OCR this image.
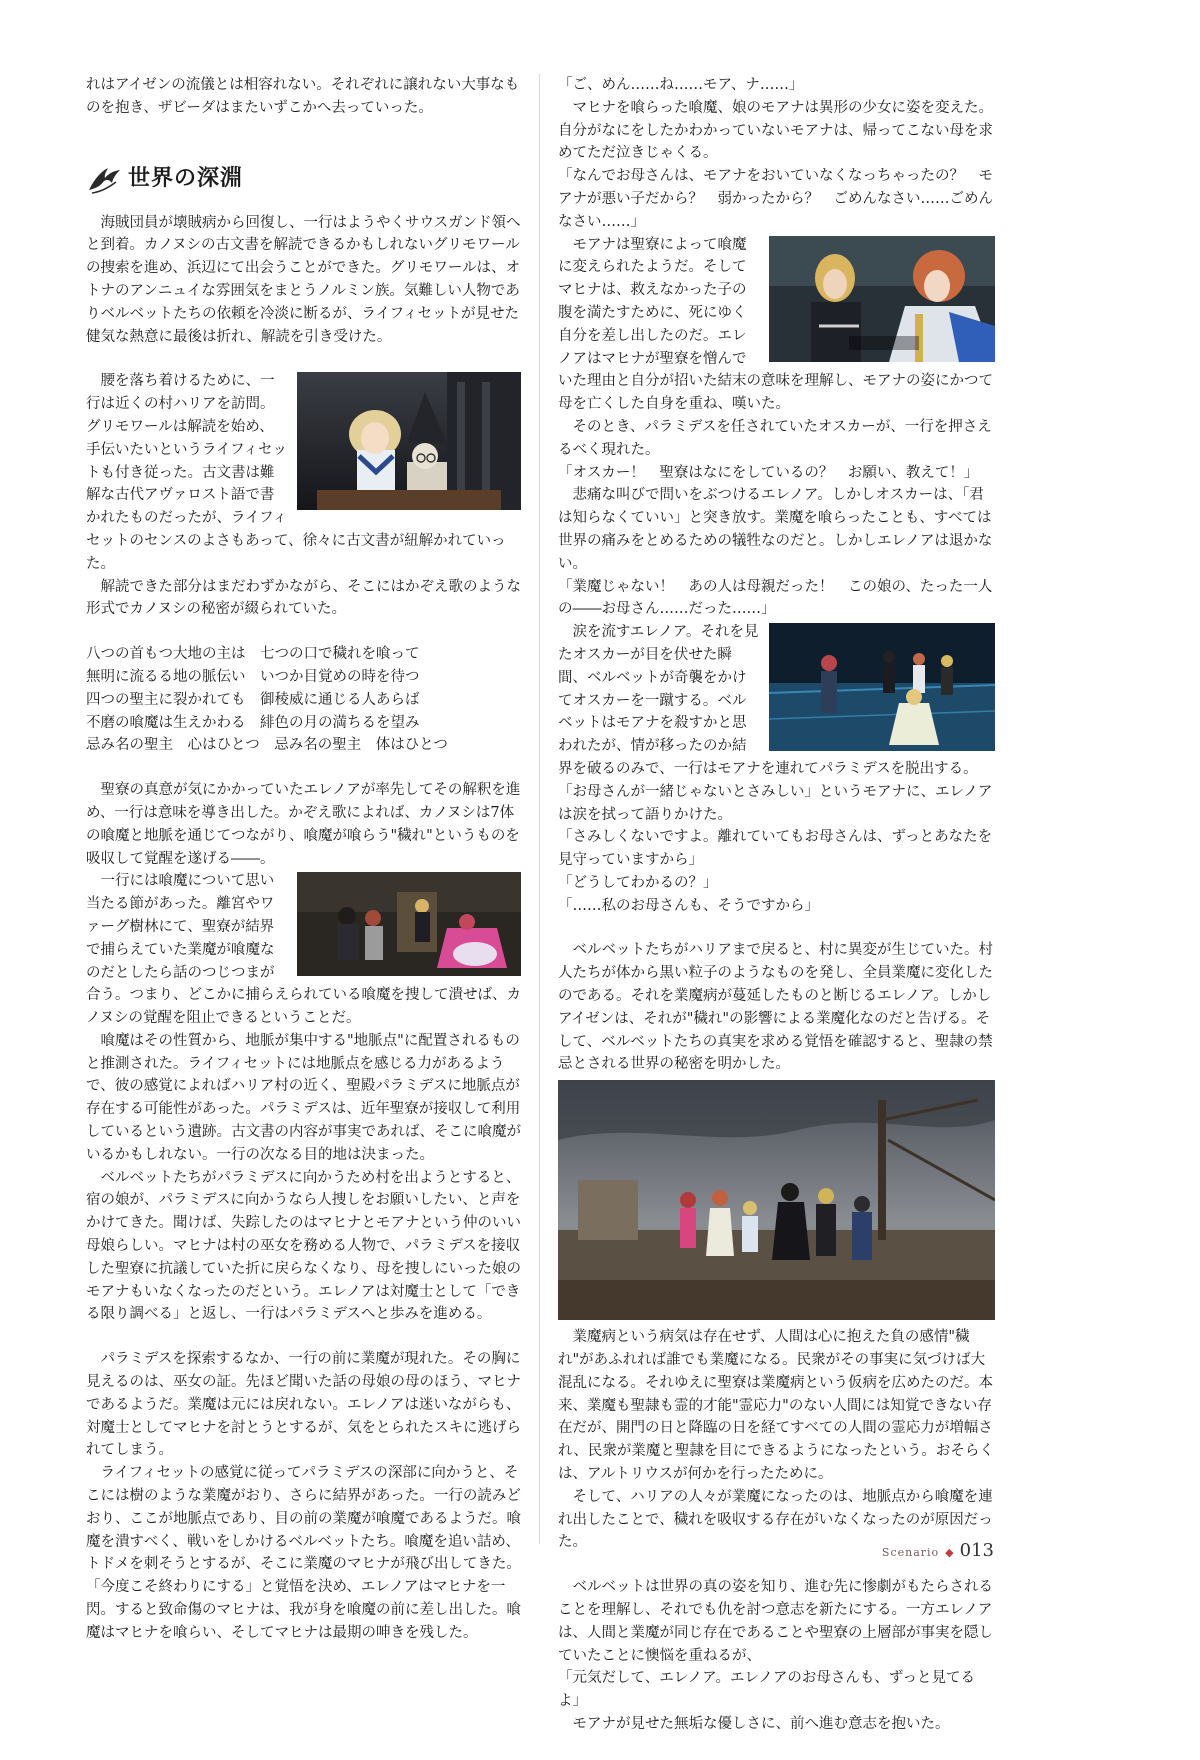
れはアイゼンの流儀とは相容れない。それぞれに譲れない大事なものを抱き、ザビーダはまたいずこかへ去っていった。

世界の深淵

海賊団員が壊賊病から回復し、一行はようやくサウスガンド領へと到着。カノヌシの古文書を解読できるかもしれないグリモワールの捜索を進め、浜辺にて出会うことができた。グリモワールは、オトナのアンニュイな雰囲気をまとうノルミン族。気難しい人物でありベルベットたちの依頼を冷淡に断るが、ライフィセットが見せた健気な熱意に最後は折れ、解読を引き受けた。

腰を落ち着けるために、一行は近くの村ハリアを訪問。グリモワールは解読を始め、手伝いたいというライフィセットも付き従った。古文書は難解な古代アヴァロスト語で書かれたものだったが、ライフィセットのセンスのよさもあって、徐々に古文書が紐解かれていった。

解読できた部分はまだわずかながら、そこにはかぞえ歌のような形式でカノヌシの秘密が綴られていた。

八つの首もつ大地の主は　七つの口で穢れを喰って
無明に流るる地の脈伝い　いつか目覚めの時を待つ
四つの聖主に裂かれても　御稜威に通じる人あらば
不磨の喰魔は生えかわる　緋色の月の満ちるを望み
忌み名の聖主　心はひとつ　忌み名の聖主　体はひとつ

聖寮の真意が気にかかっていたエレノアが率先してその解釈を進め、一行は意味を導き出した。かぞえ歌によれば、カノヌシは7体の喰魔と地脈を通じてつながり、喰魔が喰らう"穢れ"というものを吸収して覚醒を遂げる――。

一行には喰魔について思い当たる節があった。離宮やワァーグ樹林にて、聖寮が結界で捕らえていた業魔が喰魔なのだとしたら話のつじつまが合う。つまり、どこかに捕らえられている喰魔を捜して潰せば、カノヌシの覚醒を阻止できるということだ。

喰魔はその性質から、地脈が集中する"地脈点"に配置されるものと推測された。ライフィセットには地脈点を感じる力があるようで、彼の感覚によればハリア村の近く、聖殿パラミデスに地脈点が存在する可能性があった。パラミデスは、近年聖寮が接収して利用しているという遺跡。古文書の内容が事実であれば、そこに喰魔がいるかもしれない。一行の次なる目的地は決まった。

ベルベットたちがパラミデスに向かうため村を出ようとすると、宿の娘が、パラミデスに向かうなら人捜しをお願いしたい、と声をかけてきた。聞けば、失踪したのはマヒナとモアナという仲のいい母娘らしい。マヒナは村の巫女を務める人物で、パラミデスを接収した聖寮に抗議していた折に戻らなくなり、母を捜しにいった娘のモアナもいなくなったのだという。エレノアは対魔士として「できる限り調べる」と返し、一行はパラミデスへと歩みを進める。

パラミデスを探索するなか、一行の前に業魔が現れた。その胸に見えるのは、巫女の証。先ほど聞いた話の母娘の母のほう、マヒナであるようだ。業魔は元には戻れない。エレノアは迷いながらも、対魔士としてマヒナを討とうとするが、気をとられたスキに逃げられてしまう。

ライフィセットの感覚に従ってパラミデスの深部に向かうと、そこには樹のような業魔がおり、さらに結界があった。一行の読みどおり、ここが地脈点であり、目の前の業魔が喰魔であるようだ。喰魔を潰すべく、戦いをしかけるベルベットたち。喰魔を追い詰め、トドメを刺そうとするが、そこに業魔のマヒナが飛び出してきた。「今度こそ終わりにする」と覚悟を決め、エレノアはマヒナを一閃。すると致命傷のマヒナは、我が身を喰魔の前に差し出した。喰魔はマヒナを喰らい、そしてマヒナは最期の呻きを残した。

「ご、めん……ね……モア、ナ……」

マヒナを喰らった喰魔、娘のモアナは異形の少女に姿を変えた。自分がなにをしたかわかっていないモアナは、帰ってこない母を求めてただ泣きじゃくる。

「なんでお母さんは、モアナをおいていなくなっちゃったの？　モアナが悪い子だから？　弱かったから？　ごめんなさい……ごめんなさい……」

モアナは聖寮によって喰魔に変えられたようだ。そしてマヒナは、救えなかった子の腹を満たすために、死にゆく自分を差し出したのだ。エレノアはマヒナが聖寮を憎んでいた理由と自分が招いた結末の意味を理解し、モアナの姿にかつて母を亡くした自身を重ね、嘆いた。

そのとき、パラミデスを任されていたオスカーが、一行を押さえるべく現れた。

「オスカー！　聖寮はなにをしているの？　お願い、教えて！」

悲痛な叫びで問いをぶつけるエレノア。しかしオスカーは、「君は知らなくていい」と突き放す。業魔を喰らったことも、すべては世界の痛みをとめるための犠牲なのだと。しかしエレノアは退かない。

「業魔じゃない！　あの人は母親だった！　この娘の、たった一人の――お母さん……だった……」

涙を流すエレノア。それを見たオスカーが目を伏せた瞬間、ベルベットが奇襲をかけてオスカーを一蹴する。ベルベットはモアナを殺すかと思われたが、情が移ったのか結界を破るのみで、一行はモアナを連れてパラミデスを脱出する。「お母さんが一緒じゃないとさみしい」というモアナに、エレノアは涙を拭って語りかけた。

「さみしくないですよ。離れていてもお母さんは、ずっとあなたを見守っていますから」

「どうしてわかるの？」

「……私のお母さんも、そうですから」

ベルベットたちがハリアまで戻ると、村に異変が生じていた。村人たちが体から黒い粒子のようなものを発し、全員業魔に変化したのである。それを業魔病が蔓延したものと断じるエレノア。しかしアイゼンは、それが"穢れ"の影響による業魔化なのだと告げる。そして、ベルベットたちの真実を求める覚悟を確認すると、聖隷の禁忌とされる世界の秘密を明かした。

業魔病という病気は存在せず、人間は心に抱えた負の感情"穢れ"があふれれば誰でも業魔になる。民衆がその事実に気づけば大混乱になる。それゆえに聖寮は業魔病という仮病を広めたのだ。本来、業魔も聖隷も霊的才能"霊応力"のない人間には知覚できない存在だが、開門の日と降臨の日を経てすべての人間の霊応力が増幅され、民衆が業魔と聖隷を目にできるようになったという。おそらくは、アルトリウスが何かを行ったために。

そして、ハリアの人々が業魔になったのは、地脈点から喰魔を連れ出したことで、穢れを吸収する存在がいなくなったのが原因だった。

ベルベットは世界の真の姿を知り、進む先に惨劇がもたらされることを理解し、それでも仇を討つ意志を新たにする。一方エレノアは、人間と業魔が同じ存在であることや聖寮の上層部が事実を隠していたことに懊悩を重ねるが、

「元気だして、エレノア。エレノアのお母さんも、ずっと見てるよ」

モアナが見せた無垢な優しさに、前へ進む意志を抱いた。

Scenario ◆ 013
